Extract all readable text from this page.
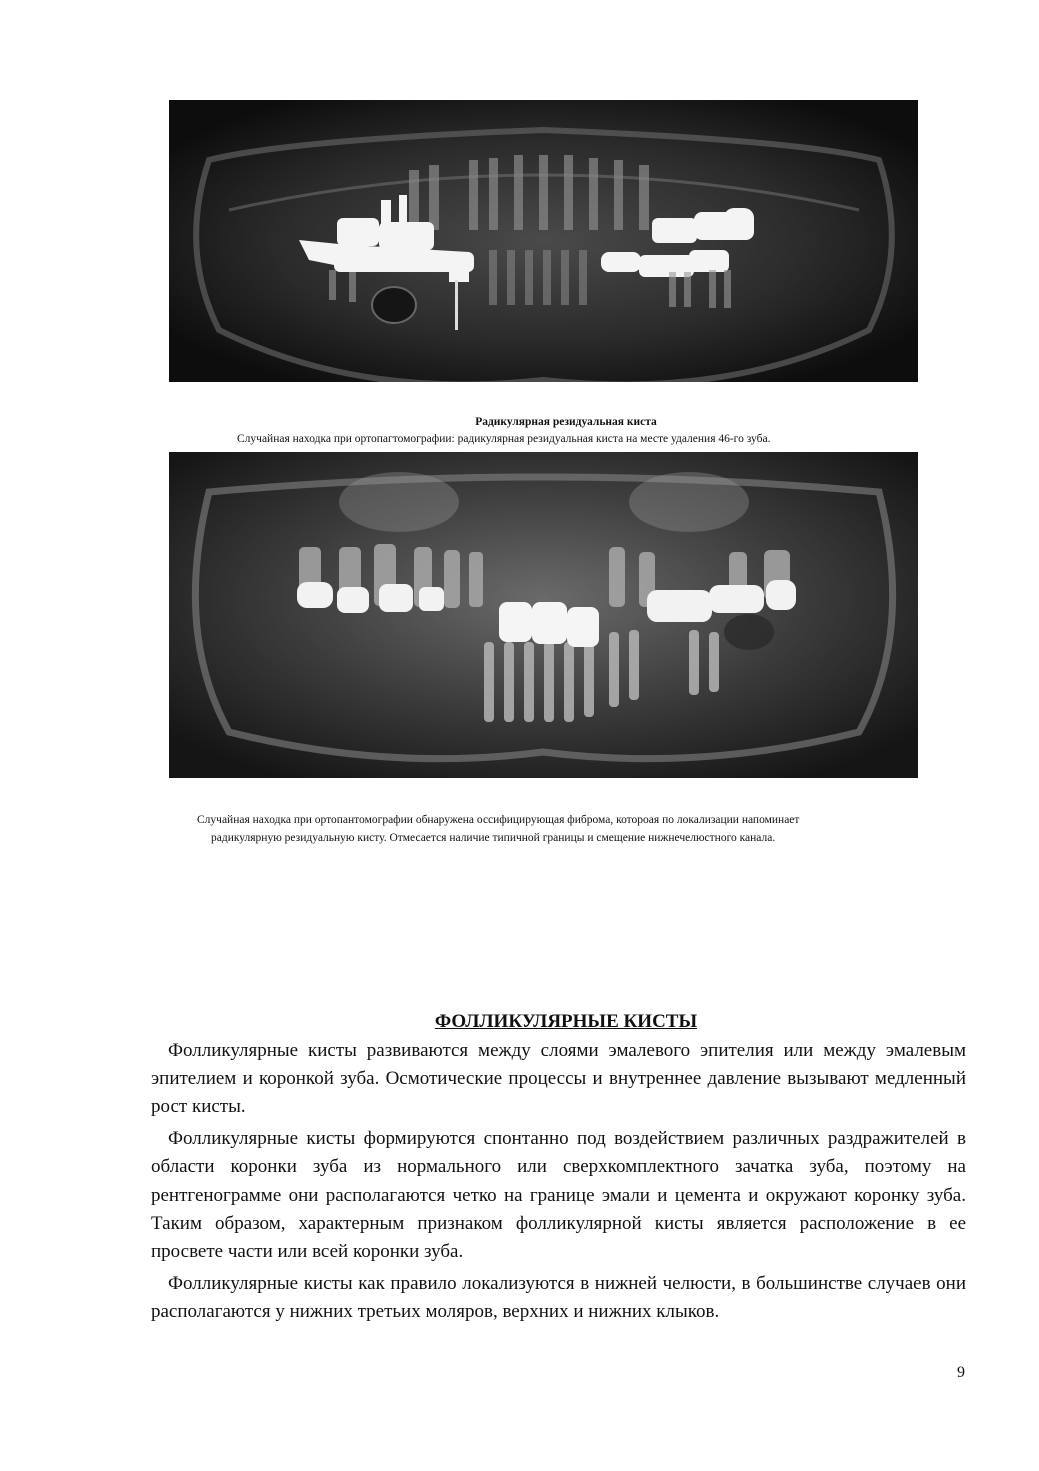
Радикулярная резидуальная киста
Случайная находка при ортопагтомографии: радикулярная резидуальная киста на месте удаления 46-го зуба.
Случайная находка при ортопантомографии обнаружена оссифицирующая фиброма, котороая по локализации напоминает
радикулярную резидуальную кисту. Отмесается наличие типичной границы и смещение нижнечелюстного канала.
ФОЛЛИКУЛЯРНЫЕ КИСТЫ

Фолликулярные кисты развиваются между слоями эмалевого эпителия или между эмалевым эпителием и коронкой зуба. Осмотические процессы и внутреннее давление вызывают медленный рост кисты.

Фолликулярные кисты формируются спонтанно под воздействием различных раздражителей в области коронки зуба из нормального или сверхкомплектного зачатка зуба, поэтому на рентгенограмме они располагаются четко на границе эмали и цемента и окружают коронку зуба. Таким образом, характерным признаком фолликулярной кисты является расположение в ее просвете части или всей коронки зуба.

Фолликулярные кисты как правило локализуются в нижней челюсти, в большинстве случаев они располагаются у нижних третьих моляров, верхних и нижних клыков.

9
